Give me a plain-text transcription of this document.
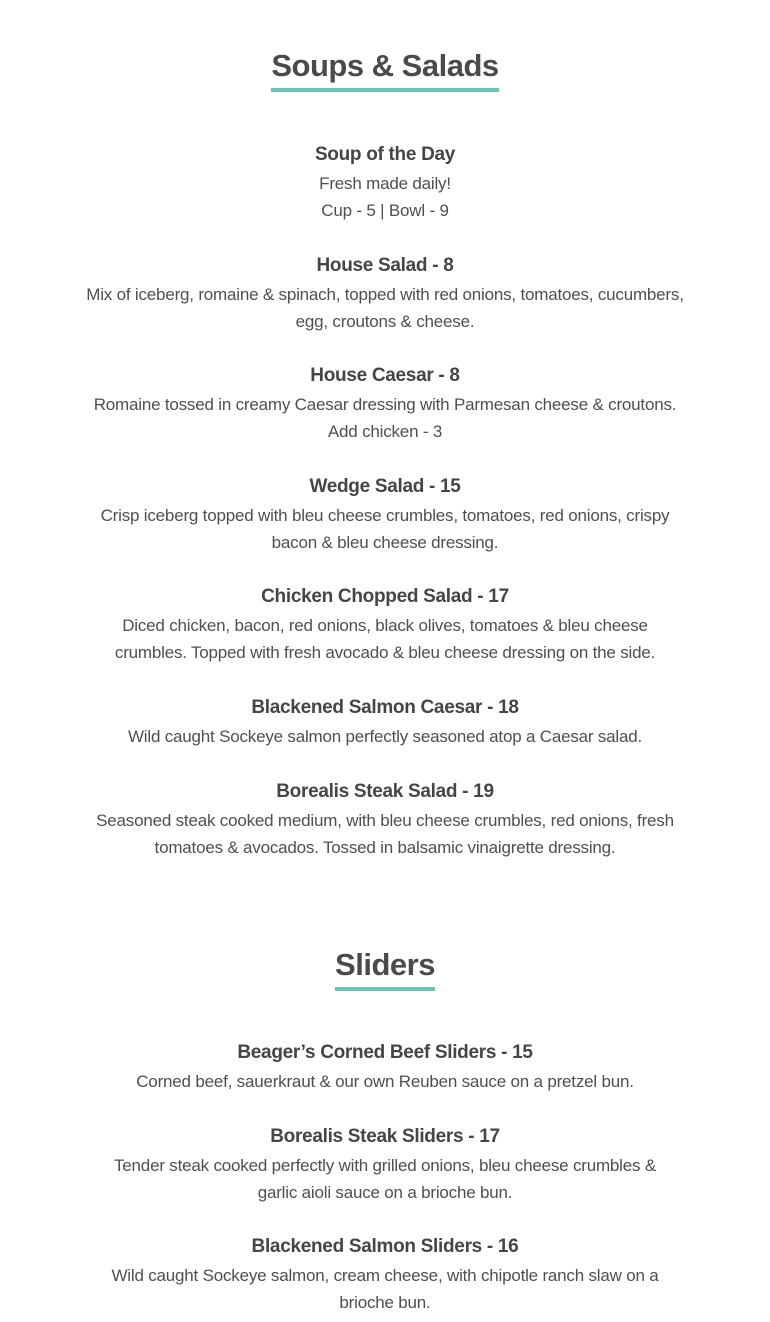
Soups & Salads

Soup of the Day

Fresh made daily!

Cup - 5 | Bowl - 9

House Salad - 8

Mix of iceberg, romaine & spinach, topped with red onions, tomatoes, cucumbers, egg, croutons & cheese.

House Caesar - 8

Romaine tossed in creamy Caesar dressing with Parmesan cheese & croutons.

Add chicken - 3

Wedge Salad - 15

Crisp iceberg topped with bleu cheese crumbles, tomatoes, red onions, crispy bacon & bleu cheese dressing.

Chicken Chopped Salad - 17

Diced chicken, bacon, red onions, black olives, tomatoes & bleu cheese crumbles. Topped with fresh avocado & bleu cheese dressing on the side.

Blackened Salmon Caesar - 18

Wild caught Sockeye salmon perfectly seasoned atop a Caesar salad.

Borealis Steak Salad - 19

Seasoned steak cooked medium, with bleu cheese crumbles, red onions, fresh tomatoes & avocados. Tossed in balsamic vinaigrette dressing.

Sliders

Beager’s Corned Beef Sliders - 15

Corned beef, sauerkraut & our own Reuben sauce on a pretzel bun.

Borealis Steak Sliders - 17

Tender steak cooked perfectly with grilled onions, bleu cheese crumbles & garlic aioli sauce on a brioche bun.

Blackened Salmon Sliders - 16

Wild caught Sockeye salmon, cream cheese, with chipotle ranch slaw on a brioche bun.
